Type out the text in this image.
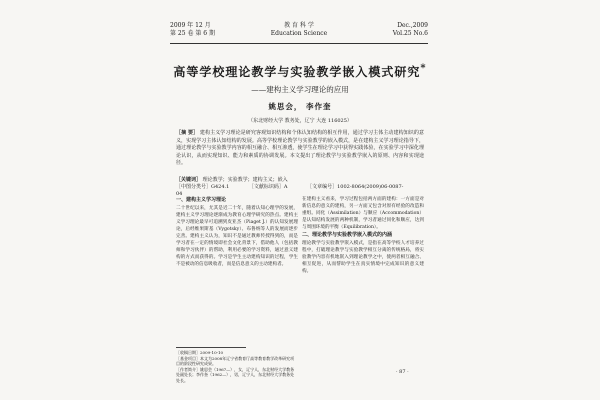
2009 年 12 月
第 25 卷 第 6 期
教 育 科 学
Education Science
Dec.,2009
Vol.25 No.6
高等学校理论教学与实验教学嵌入模式研究*
——建构主义学习理论的应用
姚思会， 李作奎
（东北财经大学 教务处，辽宁 大连 116025）
［摘 要］ 建构主义学习理论是研究客观知识结构和个体认知结构的相互作用，通过学习主体主动建构知识的意义，实现学习主体认知结构的发展。高等学校理论教学与实验教学的嵌入模式，是在建构主义学习理论指导下，通过理论教学与实验教学内容的相互融合、相互渗透，使学生在理论学习中获得实践体验，在实验学习中深化理论认识，从而实现知识、能力和素质的协调发展。本文提出了理论教学与实验教学嵌入的原则、内容和实现途径。
［关键词］ 理论教学；实验教学；建构主义；嵌入
［中图分类号］G424.1	［文献标识码］A	［文章编号］1002-8064(2009)06-0087-04
一、建构主义学习理论
二十世纪以来，尤其是近二十年，随着认知心理学的发展，建构主义学习理论逐渐成为教育心理学研究的热点。建构主义学习理论最早可追溯到皮亚杰（Piaget J.）的认知发展理论，后经维果斯基（Vygotsky）、布鲁纳等人的发展而逐步完善。建构主义认为，知识不是通过教师传授得到的，而是学习者在一定的情境即社会文化背景下，借助他人（包括教师和学习伙伴）的帮助，利用必要的学习资料，通过意义建构的方式而获得的。学习是学生主动建构知识的过程，学生不是被动的信息吸收者，而是信息意义的主动建构者。
在建构主义看来，学习过程包括两方面的建构：一方面是对新信息的意义的建构，另一方面又包含对原有经验的改造和重组。同化（Assimilation）与顺应（Accommodation）是认知结构发展的两种机制，学习者通过同化和顺应，达到与周围环境的平衡（Equilibration）。
二、理论教学与实验教学嵌入模式的内涵
理论教学与实验教学嵌入模式，是指在高等学校人才培养过程中，打破理论教学与实验教学相互分离的传统格局，将实验教学内容有机地嵌入到理论教学之中，使两者相互融合、相互促进，从而帮助学生在真实情境中完成知识的意义建构。
［收稿日期］2009-10-10
［基金项目］本文为2008年辽宁省教育厅高等教育教学改革研究项目的阶段性研究成果。
［作者简介］姚思会（1967—），女，辽宁人，东北财经大学教务处副处长；李作奎（1962—），男，辽宁人，东北财经大学教务处处长。
· 87 ·
